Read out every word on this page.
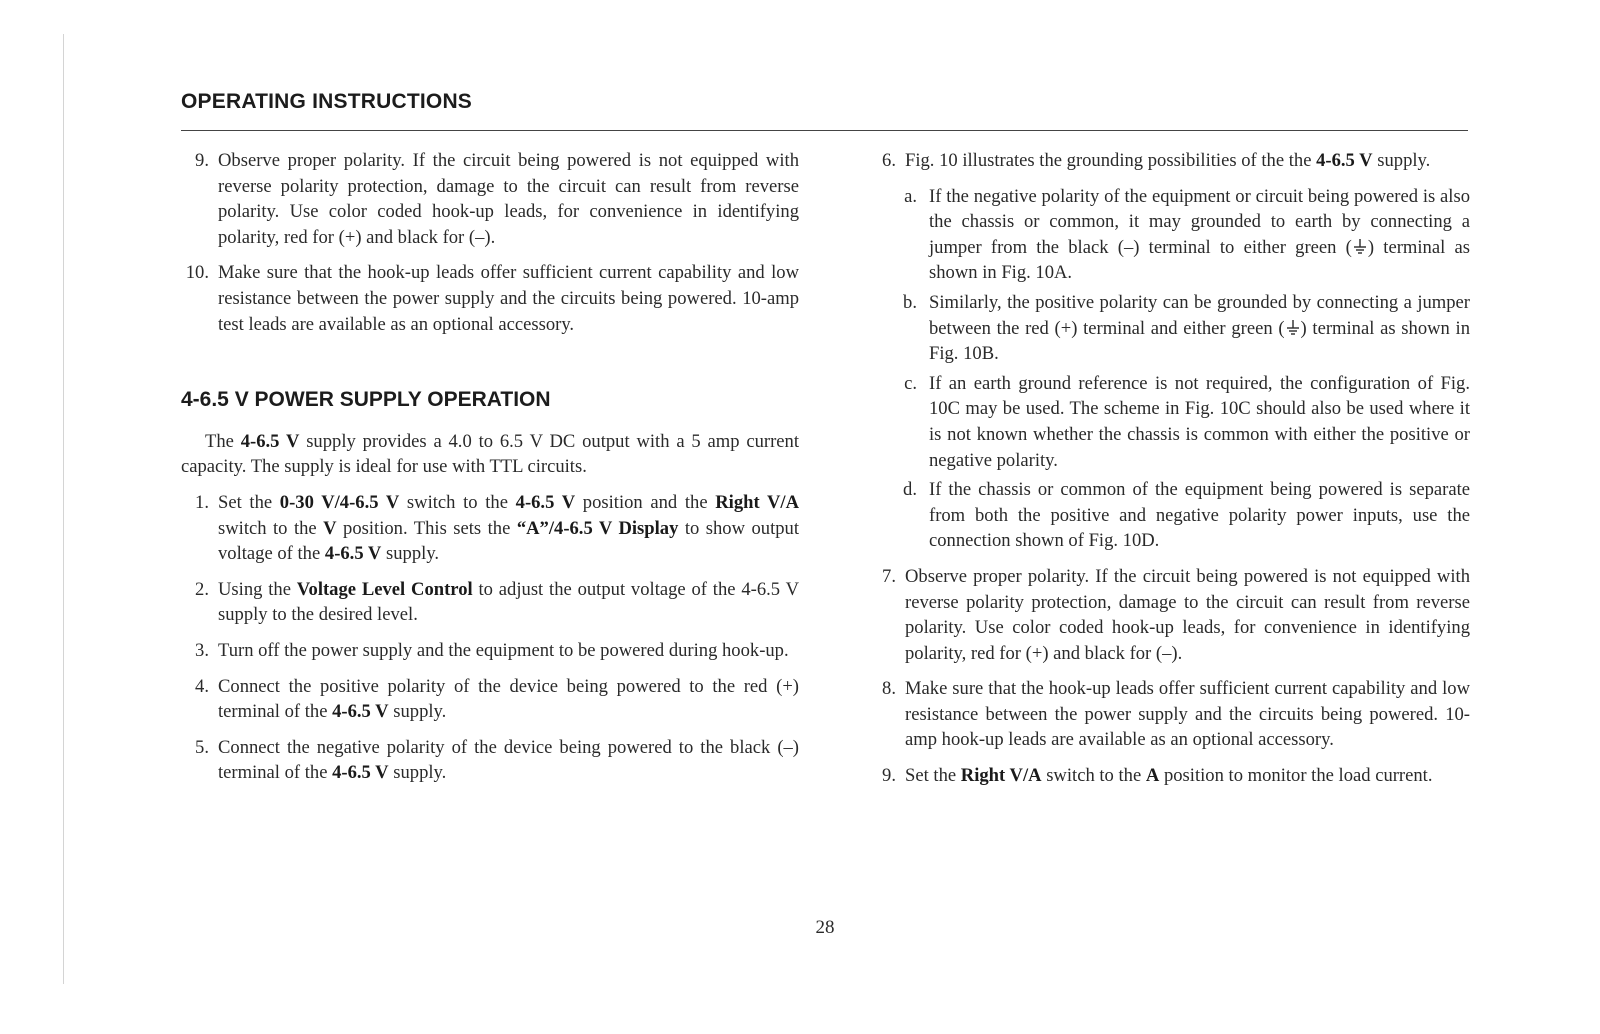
OPERATING INSTRUCTIONS
9. Observe proper polarity. If the circuit being powered is not equipped with reverse polarity protection, damage to the circuit can result from reverse polarity. Use color coded hook-up leads, for convenience in identifying polarity, red for (+) and black for (–).
10. Make sure that the hook-up leads offer sufficient current capability and low resistance between the power supply and the circuits being powered. 10-amp test leads are available as an optional accessory.
4-6.5 V POWER SUPPLY OPERATION
The 4-6.5 V supply provides a 4.0 to 6.5 V DC output with a 5 amp current capacity. The supply is ideal for use with TTL circuits.
1. Set the 0-30 V/4-6.5 V switch to the 4-6.5 V position and the Right V/A switch to the V position. This sets the “A”/4-6.5 V Display to show output voltage of the 4-6.5 V supply.
2. Using the Voltage Level Control to adjust the output voltage of the 4-6.5 V supply to the desired level.
3. Turn off the power supply and the equipment to be powered during hook-up.
4. Connect the positive polarity of the device being powered to the red (+) terminal of the 4-6.5 V supply.
5. Connect the negative polarity of the device being powered to the black (–) terminal of the 4-6.5 V supply.
6. Fig. 10 illustrates the grounding possibilities of the the 4-6.5 V supply.
a. If the negative polarity of the equipment or circuit being powered is also the chassis or common, it may grounded to earth by connecting a jumper from the black (–) terminal to either green ( ) terminal as shown in Fig. 10A.
b. Similarly, the positive polarity can be grounded by connecting a jumper between the red (+) terminal and either green ( ) terminal as shown in Fig. 10B.
c. If an earth ground reference is not required, the configuration of Fig. 10C may be used. The scheme in Fig. 10C should also be used where it is not known whether the chassis is common with either the positive or negative polarity.
d. If the chassis or common of the equipment being powered is separate from both the positive and negative polarity power inputs, use the connection shown of Fig. 10D.
7. Observe proper polarity. If the circuit being powered is not equipped with reverse polarity protection, damage to the circuit can result from reverse polarity. Use color coded hook-up leads, for convenience in identifying polarity, red for (+) and black for (–).
8. Make sure that the hook-up leads offer sufficient current capability and low resistance between the power supply and the circuits being powered. 10-amp hook-up leads are available as an optional accessory.
9. Set the Right V/A switch to the A position to monitor the load current.
28
